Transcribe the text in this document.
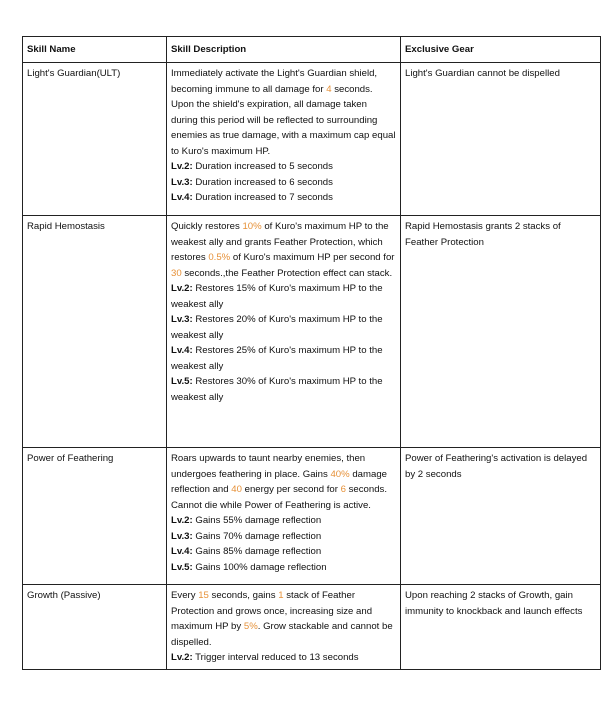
Skill Name	Skill Description	Exclusive Gear
Light's Guardian(ULT)	Immediately activate the Light's Guardian shield, becoming immune to all damage for 4 seconds. Upon the shield's expiration, all damage taken during this period will be reflected to surrounding enemies as true damage, with a maximum cap equal to Kuro's maximum HP.
Lv.2: Duration increased to 5 seconds
Lv.3: Duration increased to 6 seconds
Lv.4: Duration increased to 7 seconds	Light's Guardian cannot be dispelled
Rapid Hemostasis	Quickly restores 10% of Kuro's maximum HP to the weakest ally and grants Feather Protection, which restores 0.5% of Kuro's maximum HP per second for 30 seconds.,the Feather Protection effect can stack.
Lv.2: Restores 15% of Kuro's maximum HP to the weakest ally
Lv.3: Restores 20% of Kuro's maximum HP to the weakest ally
Lv.4: Restores 25% of Kuro's maximum HP to the weakest ally
Lv.5: Restores 30% of Kuro's maximum HP to the weakest ally	Rapid Hemostasis grants 2 stacks of Feather Protection
Power of Feathering	Roars upwards to taunt nearby enemies, then undergoes feathering in place. Gains 40% damage reflection and 40 energy per second for 6 seconds. Cannot die while Power of Feathering is active.
Lv.2: Gains 55% damage reflection
Lv.3: Gains 70% damage reflection
Lv.4: Gains 85% damage reflection
Lv.5: Gains 100% damage reflection	Power of Feathering's activation is delayed by 2 seconds
Growth (Passive)	Every 15 seconds, gains 1 stack of Feather Protection and grows once, increasing size and maximum HP by 5%. Grow stackable and cannot be dispelled.
Lv.2: Trigger interval reduced to 13 seconds	Upon reaching 2 stacks of Growth, gain immunity to knockback and launch effects
